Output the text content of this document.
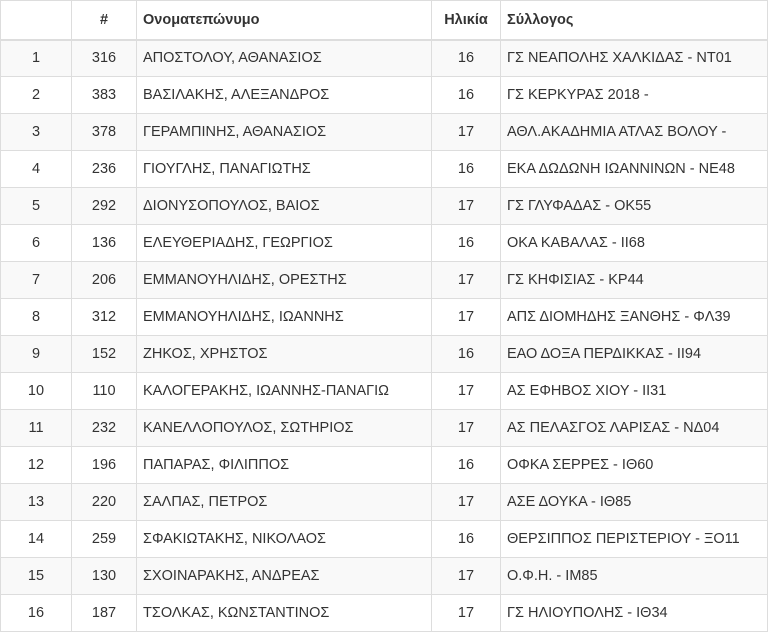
	#	Ονοματεπώνυμο	Ηλικία	Σύλλογος
1	316	ΑΠΟΣΤΟΛΟΥ, ΑΘΑΝΑΣΙΟΣ	16	ΓΣ ΝΕΑΠΟΛΗΣ ΧΑΛΚΙΔΑΣ - ΝΤ01
2	383	ΒΑΣΙΛΑΚΗΣ, ΑΛΕΞΑΝΔΡΟΣ	16	ΓΣ ΚΕΡΚΥΡΑΣ 2018 -
3	378	ΓΕΡΑΜΠΙΝΗΣ, ΑΘΑΝΑΣΙΟΣ	17	ΑΘΛ.ΑΚΑΔΗΜΙΑ ΑΤΛΑΣ ΒΟΛΟΥ -
4	236	ΓΙΟΥΓΛΗΣ, ΠΑΝΑΓΙΩΤΗΣ	16	ΕΚΑ ΔΩΔΩΝΗ ΙΩΑΝΝΙΝΩΝ - ΝΕ48
5	292	ΔΙΟΝΥΣΟΠΟΥΛΟΣ, ΒΑΙΟΣ	17	ΓΣ ΓΛΥΦΑΔΑΣ - ΟΚ55
6	136	ΕΛΕΥΘΕΡΙΑΔΗΣ, ΓΕΩΡΓΙΟΣ	16	ΟΚΑ ΚΑΒΑΛΑΣ - ΙΙ68
7	206	ΕΜΜΑΝΟΥΗΛΙΔΗΣ, ΟΡΕΣΤΗΣ	17	ΓΣ ΚΗΦΙΣΙΑΣ - ΚΡ44
8	312	ΕΜΜΑΝΟΥΗΛΙΔΗΣ, ΙΩΑΝΝΗΣ	17	ΑΠΣ ΔΙΟΜΗΔΗΣ ΞΑΝΘΗΣ - ΦΛ39
9	152	ΖΗΚΟΣ, ΧΡΗΣΤΟΣ	16	ΕΑΟ ΔΟΞΑ ΠΕΡΔΙΚΚΑΣ - ΙΙ94
10	110	ΚΑΛΟΓΕΡΑΚΗΣ, ΙΩΑΝΝΗΣ-ΠΑΝΑΓΙΩ	17	ΑΣ ΕΦΗΒΟΣ ΧΙΟΥ - ΙΙ31
11	232	ΚΑΝΕΛΛΟΠΟΥΛΟΣ, ΣΩΤΗΡΙΟΣ	17	ΑΣ ΠΕΛΑΣΓΟΣ ΛΑΡΙΣΑΣ - ΝΔ04
12	196	ΠΑΠΑΡΑΣ, ΦΙΛΙΠΠΟΣ	16	ΟΦΚΑ ΣΕΡΡΕΣ - ΙΘ60
13	220	ΣΑΛΠΑΣ, ΠΕΤΡΟΣ	17	ΑΣΕ ΔΟΥΚΑ - ΙΘ85
14	259	ΣΦΑΚΙΩΤΑΚΗΣ, ΝΙΚΟΛΑΟΣ	16	ΘΕΡΣΙΠΠΟΣ ΠΕΡΙΣΤΕΡΙΟΥ - ΞΟ11
15	130	ΣΧΟΙΝΑΡΑΚΗΣ, ΑΝΔΡΕΑΣ	17	Ο.Φ.Η. - ΙΜ85
16	187	ΤΣΟΛΚΑΣ, ΚΩΝΣΤΑΝΤΙΝΟΣ	17	ΓΣ ΗΛΙΟΥΠΟΛΗΣ - ΙΘ34
